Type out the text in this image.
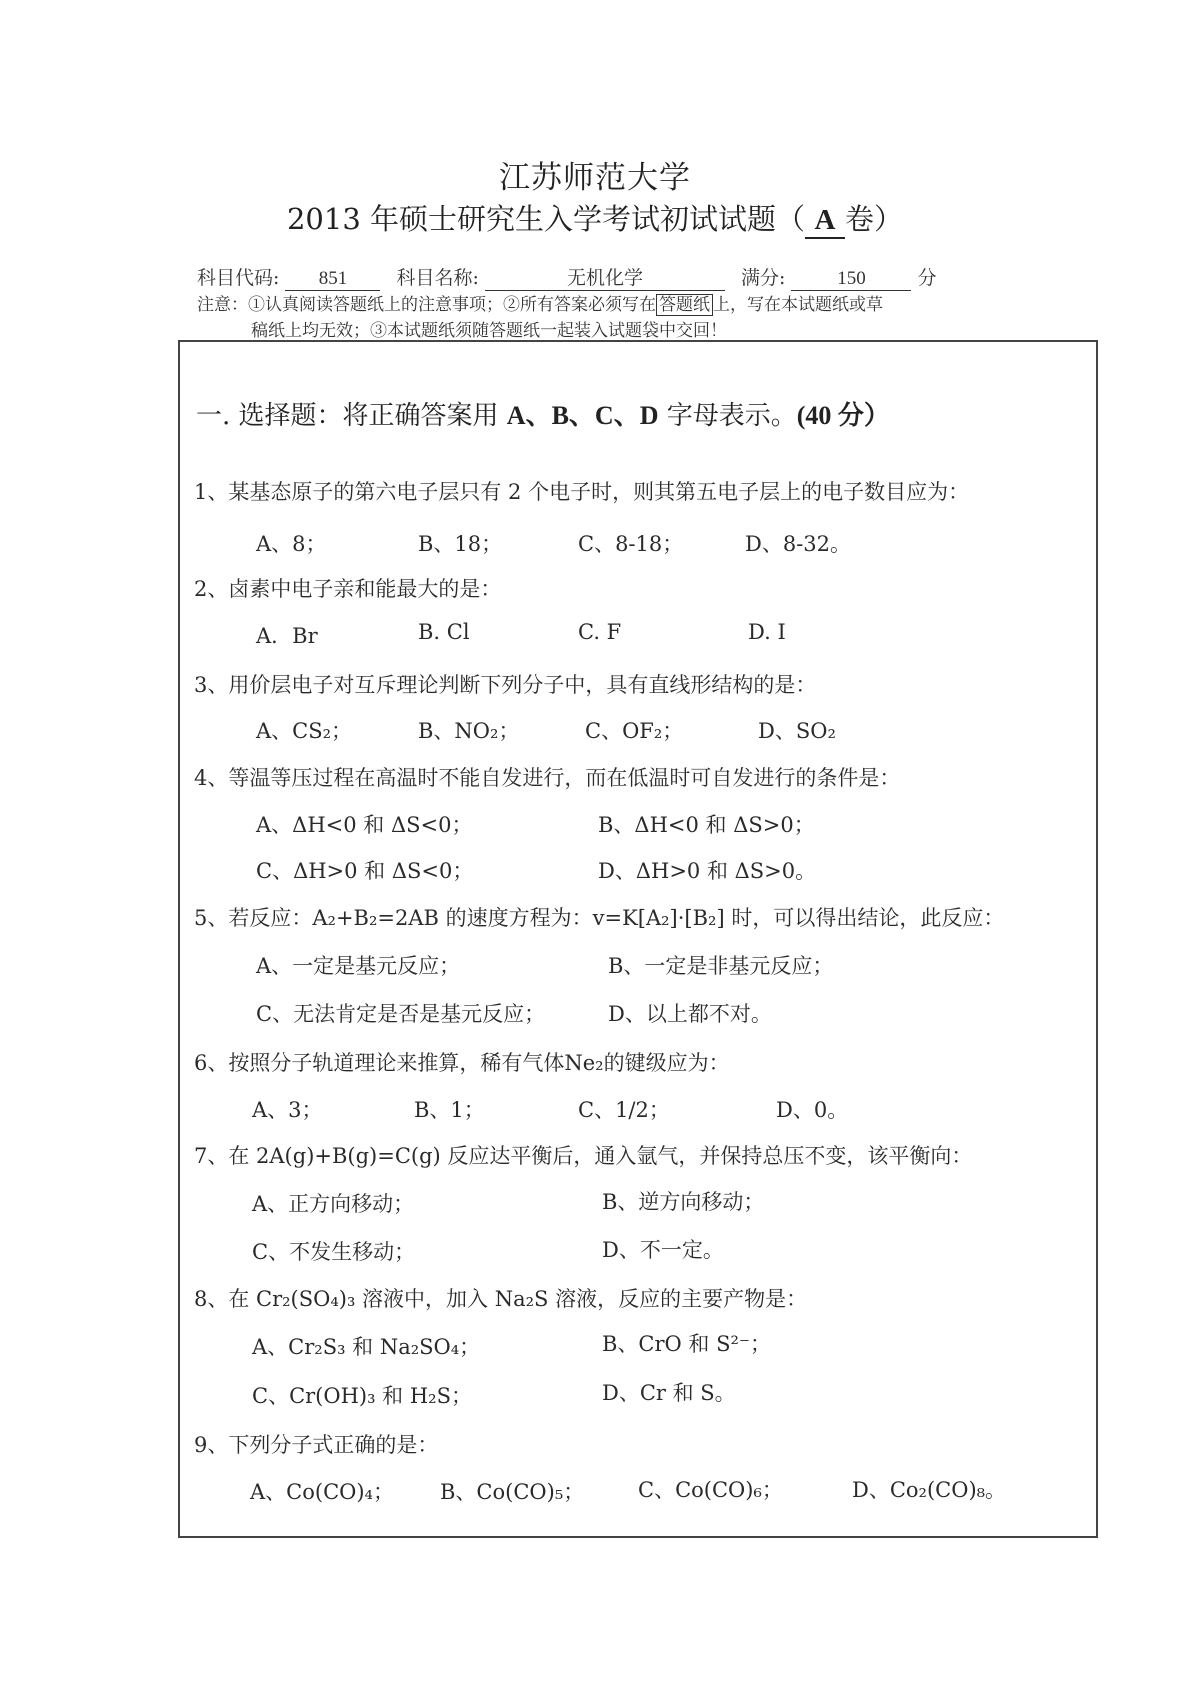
江苏师范大学
2013 年硕士研究生入学考试初试试题（ A 卷）
科目代码: 851	科目名称:	无机化学	满分:	150	分
注意：①认真阅读答题纸上的注意事项；②所有答案必须写在 答题纸 上，写在本试题纸或草
稿纸上均无效；③本试题纸须随答题纸一起装入试题袋中交回！
一. 选择题：将正确答案用 A、B、C、D 字母表示。(40 分）
1、某基态原子的第六电子层只有 2 个电子时，则其第五电子层上的电子数目应为：
A、8；	B、18；	C、8-18；	D、8-32。
2、卤素中电子亲和能最大的是：
A．Br	B. Cl	C. F	D. I
3、用价层电子对互斥理论判断下列分子中，具有直线形结构的是：
A、CS₂；	B、NO₂；	C、OF₂；	D、SO₂
4、等温等压过程在高温时不能自发进行，而在低温时可自发进行的条件是：
A、ΔH<0 和 ΔS<0；	B、ΔH<0 和 ΔS>0；
C、ΔH>0 和 ΔS<0；	D、ΔH>0 和 ΔS>0。
5、若反应：A₂+B₂=2AB 的速度方程为：v=K[A₂]·[B₂] 时，可以得出结论，此反应：
A、一定是基元反应；	B、一定是非基元反应；
C、无法肯定是否是基元反应；	D、以上都不对。
6、按照分子轨道理论来推算，稀有气体Ne₂的键级应为：
A、3；	B、1；	C、1/2；	D、0。
7、在 2A(g)+B(g)=C(g) 反应达平衡后，通入氩气，并保持总压不变，该平衡向：
A、正方向移动；	B、逆方向移动；
C、不发生移动；	D、不一定。
8、在 Cr₂(SO₄)₃ 溶液中，加入 Na₂S 溶液，反应的主要产物是：
A、Cr₂S₃ 和 Na₂SO₄；	B、CrO 和 S²⁻；
C、Cr(OH)₃ 和 H₂S；	D、Cr 和 S。
9、下列分子式正确的是：
A、Co(CO)₄； B、Co(CO)₅；	C、Co(CO)₆；	D、Co₂(CO)₈。
